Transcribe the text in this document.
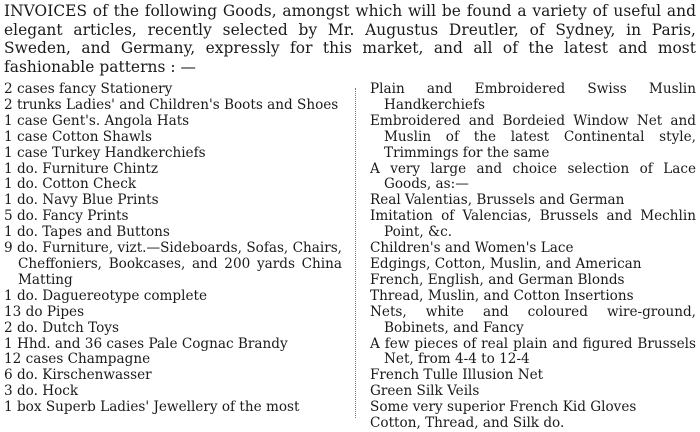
INVOICES of the following Goods, amongst which will be found a variety of useful and elegant articles, recently selected by Mr. Augustus Dreutler, of Sydney, in Paris, Sweden, and Germany, expressly for this market, and all of the latest and most fashionable patterns : —

2 cases fancy Stationery
2 trunks Ladies' and Children's Boots and Shoes
1 case Gent's. Angola Hats
1 case Cotton Shawls
1 case Turkey Handkerchiefs
1 do. Furniture Chintz
1 do. Cotton Check
1 do. Navy Blue Prints
5 do. Fancy Prints
1 do. Tapes and Buttons
9 do. Furniture, vizt.—Sideboards, Sofas, Chairs, Cheffoniers, Bookcases, and 200 yards China Matting
1 do. Daguereotype complete
13 do Pipes
2 do. Dutch Toys
1 Hhd. and 36 cases Pale Cognac Brandy
12 cases Champagne
6 do. Kirschenwasser
3 do. Hock
1 box Superb Ladies' Jewellery of the most
Plain and Embroidered Swiss Muslin Handkerchiefs
Embroidered and Bordeied Window Net and Muslin of the latest Continental style, Trimmings for the same
A very large and choice selection of Lace Goods, as:—
Real Valentias, Brussels and German
Imitation of Valencias, Brussels and Mechlin Point, &c.
Children's and Women's Lace
Edgings, Cotton, Muslin, and American
French, English, and German Blonds
Thread, Muslin, and Cotton Insertions
Nets, white and coloured wire-ground, Bobinets, and Fancy
A few pieces of real plain and figured Brussels Net, from 4-4 to 12-4
French Tulle Illusion Net
Green Silk Veils
Some very superior French Kid Gloves
Cotton, Thread, and Silk do.
